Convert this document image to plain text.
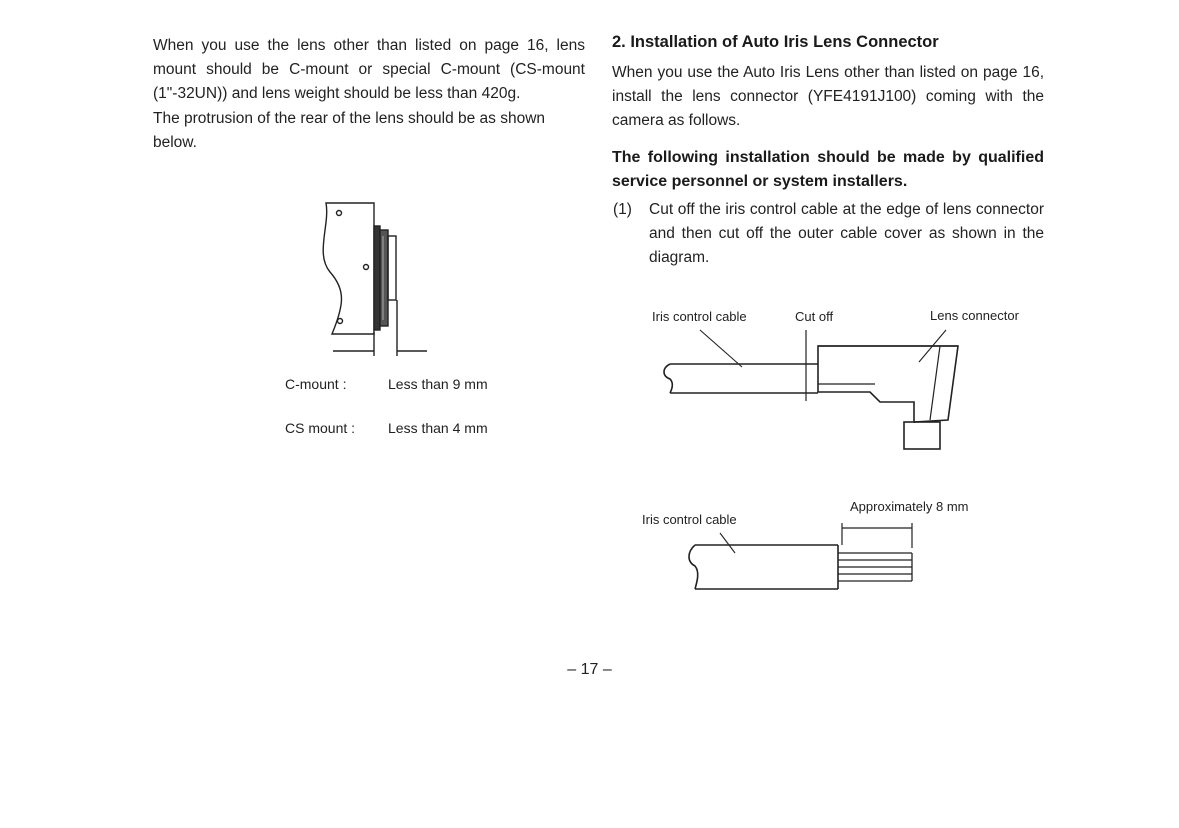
When you use the lens other than listed on page 16, lens mount should be C-mount or special C-mount (CS-mount (1"-32UN)) and lens weight should be less than 420g.
The protrusion of the rear of the lens should be as shown below.
2. Installation of Auto Iris Lens Connector
When you use the Auto Iris Lens other than listed on page 16, install the lens connector (YFE4191J100) coming with the camera as follows.
The following installation should be made by qualified service personnel or system installers.
(1) Cut off the iris control cable at the edge of lens connector and then cut off the outer cable cover as shown in the diagram.
C-mount :	Less than 9 mm
CS mount : Less than 4 mm
Iris control cable	Cut off	Lens connector
Iris control cable
Approximately 8 mm
– 17 –
